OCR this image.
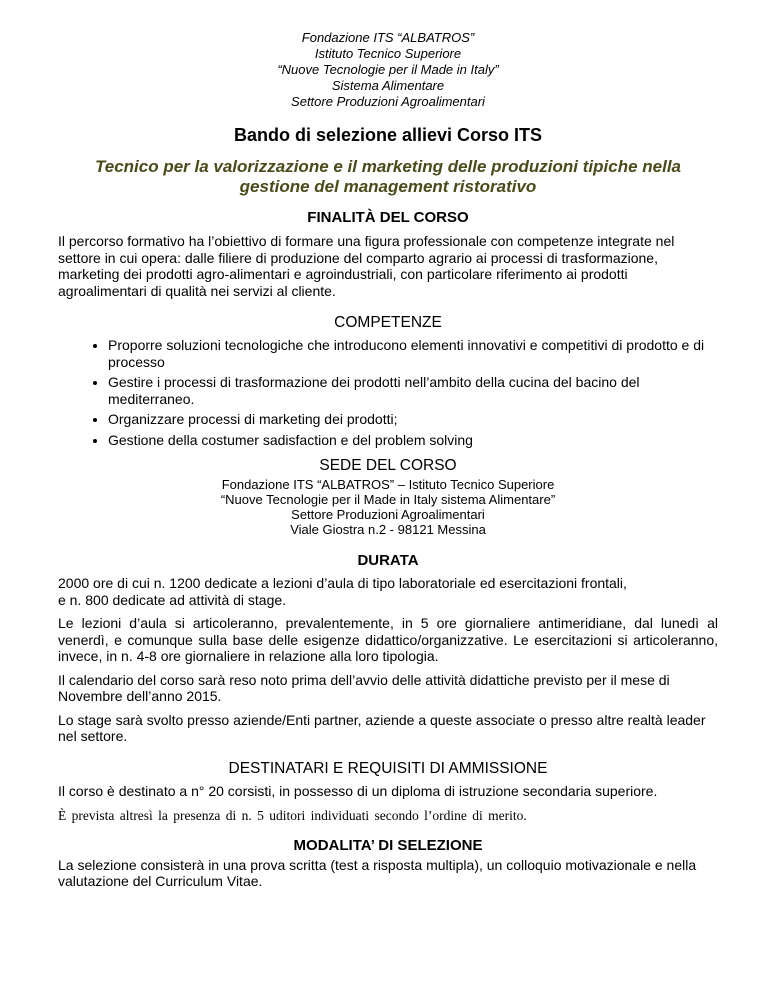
Fondazione ITS “ALBATROS”
Istituto Tecnico Superiore
“Nuove Tecnologie per il Made in Italy”
Sistema Alimentare
Settore Produzioni Agroalimentari
Bando di selezione allievi Corso ITS
Tecnico per la valorizzazione e il marketing delle produzioni tipiche nella
gestione del management ristorativo
FINALITÀ DEL CORSO

Il percorso formativo ha l’obiettivo di formare una figura professionale con competenze integrate nel settore in cui opera: dalle filiere di produzione del comparto agrario ai processi di trasformazione, marketing dei prodotti agro-alimentari e agroindustriali, con particolare riferimento ai prodotti agroalimentari di qualità nei servizi al cliente.

COMPETENZE
• Proporre soluzioni tecnologiche che introducono elementi innovativi e competitivi di prodotto e di processo
• Gestire i processi di trasformazione dei prodotti nell’ambito della cucina del bacino del mediterraneo.
• Organizzare processi di marketing dei prodotti;
• Gestione della costumer sadisfaction e del problem solving
SEDE DEL CORSO
Fondazione ITS “ALBATROS” – Istituto Tecnico Superiore
“Nuove Tecnologie per il Made in Italy sistema Alimentare”
Settore Produzioni Agroalimentari
Viale Giostra n.2 - 98121 Messina
DURATA

2000 ore di cui n. 1200 dedicate a lezioni d’aula di tipo laboratoriale ed esercitazioni frontali,
e n. 800 dedicate ad attività di stage.

Le lezioni d’aula si articoleranno, prevalentemente, in 5 ore giornaliere antimeridiane, dal lunedì al venerdì, e comunque sulla base delle esigenze didattico/organizzative. Le esercitazioni si articoleranno, invece, in n. 4-8 ore giornaliere in relazione alla loro tipologia.

Il calendario del corso sarà reso noto prima dell’avvio delle attività didattiche previsto per il mese di Novembre dell’anno 2015.

Lo stage sarà svolto presso aziende/Enti partner, aziende a queste associate o presso altre realtà leader nel settore.

DESTINATARI E REQUISITI DI AMMISSIONE

Il corso è destinato a n° 20 corsisti, in possesso di un diploma di istruzione secondaria superiore.

È prevista altresì la presenza di n. 5 uditori individuati secondo l’ordine di merito.

MODALITA’ DI SELEZIONE

La selezione consisterà in una prova scritta (test a risposta multipla), un colloquio motivazionale e nella valutazione del Curriculum Vitae.
